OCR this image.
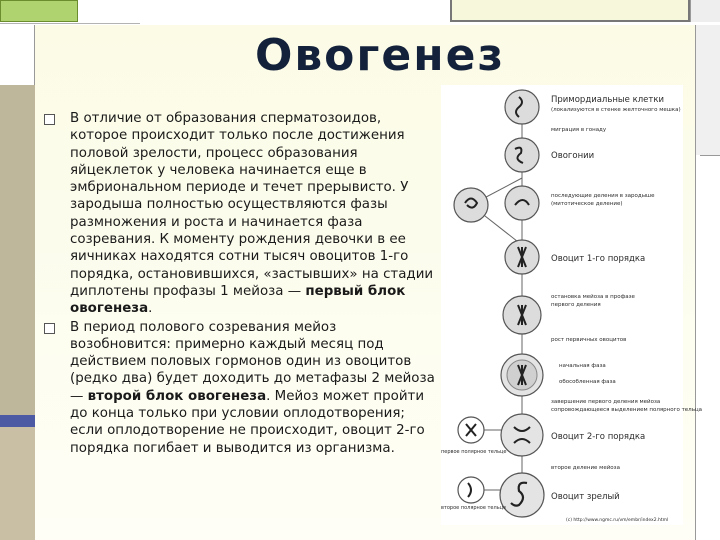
Овогенез

В отличие от образования сперматозоидов, которое происходит только после достижения половой зрелости, процесс образования яйцеклеток у человека начинается еще в эмбриональном периоде и течет прерывисто. У зародыша полностью осуществляются фазы размножения и роста и начинается фаза созревания. К моменту рождения девочки в ее яичниках находятся сотни тысяч овоцитов 1-го порядка, остановившихся, «застывших» на стадии диплотены профазы 1 мейоза — первый блок овогенеза.

В период полового созревания мейоз возобновится: примерно каждый месяц под действием половых гормонов один из овоцитов (редко два) будет доходить до метафазы 2 мейоза — второй блок овогенеза. Мейоз может пройти до конца только при условии оплодотворения; если оплодотворение не происходит, овоцит 2-го порядка погибает и выводится из организма.

Примордиальные клетки
(локализуются в стенке желточного мешка)
миграция в гонаду
Овогонии
последующие деления в зародыше
(митотическое деление)
Овоцит 1-го порядка
остановка мейоза в профазе
первого деления
рост первичных овоцитов
начальная фаза
обособленная фаза
завершение первого деления мейоза
сопровождающееся выделением полярного тельца
Овоцит 2-го порядка
первое полярное тельце
второе деление мейоза
Овоцит зрелый
второе полярное тельце
(c) http://www.ngmc.ru/vm/embr/index2.html
